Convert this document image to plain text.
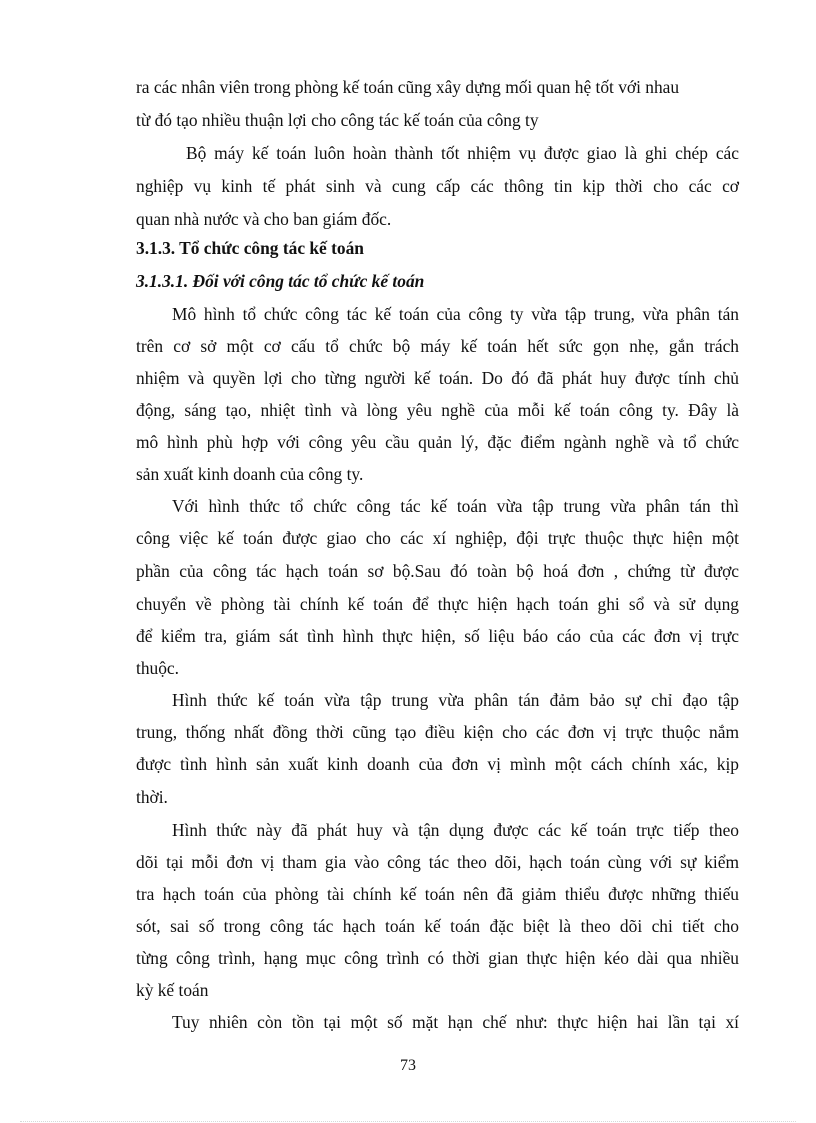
ra các nhân viên trong phòng kế toán cũng xây dựng mối quan hệ tốt với nhau
từ đó tạo nhiều thuận lợi cho công tác kế toán của công ty
Bộ máy kế toán luôn hoàn thành tốt nhiệm vụ được giao là ghi chép các
nghiệp vụ kinh tế phát sinh và cung cấp các thông tin kịp thời cho các cơ
quan nhà nước và cho ban giám đốc.
3.1.3. Tổ chức công tác kế toán
3.1.3.1. Đối với công tác tổ chức kế toán
Mô hình tổ chức công tác kế toán của công ty vừa tập trung, vừa phân tán
trên cơ sở một cơ cấu tổ chức bộ máy kế toán hết sức gọn nhẹ, gắn trách
nhiệm và quyền lợi cho từng người kế toán. Do đó đã phát huy được tính chủ
động, sáng tạo, nhiệt tình và lòng yêu nghề của mỗi kế toán công ty. Đây là
mô hình phù hợp với công yêu cầu quản lý, đặc điểm ngành nghề và tổ chức
sản xuất kinh doanh của công ty.
Với hình thức tổ chức công tác kế toán vừa tập trung vừa phân tán thì
công việc kế toán được giao cho các xí nghiệp, đội trực thuộc thực hiện một
phần của công tác hạch toán sơ bộ.Sau đó toàn bộ hoá đơn , chứng từ được
chuyển về phòng tài chính kế toán để thực hiện hạch toán ghi sổ và sử dụng
để kiểm tra, giám sát tình hình thực hiện, số liệu báo cáo của các đơn vị trực
thuộc.
Hình thức kế toán vừa tập trung vừa phân tán đảm bảo sự chỉ đạo tập
trung, thống nhất đồng thời cũng tạo điều kiện cho các đơn vị trực thuộc nắm
được tình hình sản xuất kinh doanh của đơn vị mình một cách chính xác, kịp
thời.
Hình thức này đã phát huy và tận dụng được các kế toán trực tiếp theo
dõi tại mỗi đơn vị tham gia vào công tác theo dõi, hạch toán cùng với sự kiểm
tra hạch toán của phòng tài chính kế toán nên đã giảm thiểu được những thiếu
sót, sai số trong công tác hạch toán kế toán đặc biệt là theo dõi chi tiết cho
từng công trình, hạng mục công trình có thời gian thực hiện kéo dài qua nhiều
kỳ kế toán
Tuy nhiên còn tồn tại một số mặt hạn chế như: thực hiện hai lần tại xí
73
